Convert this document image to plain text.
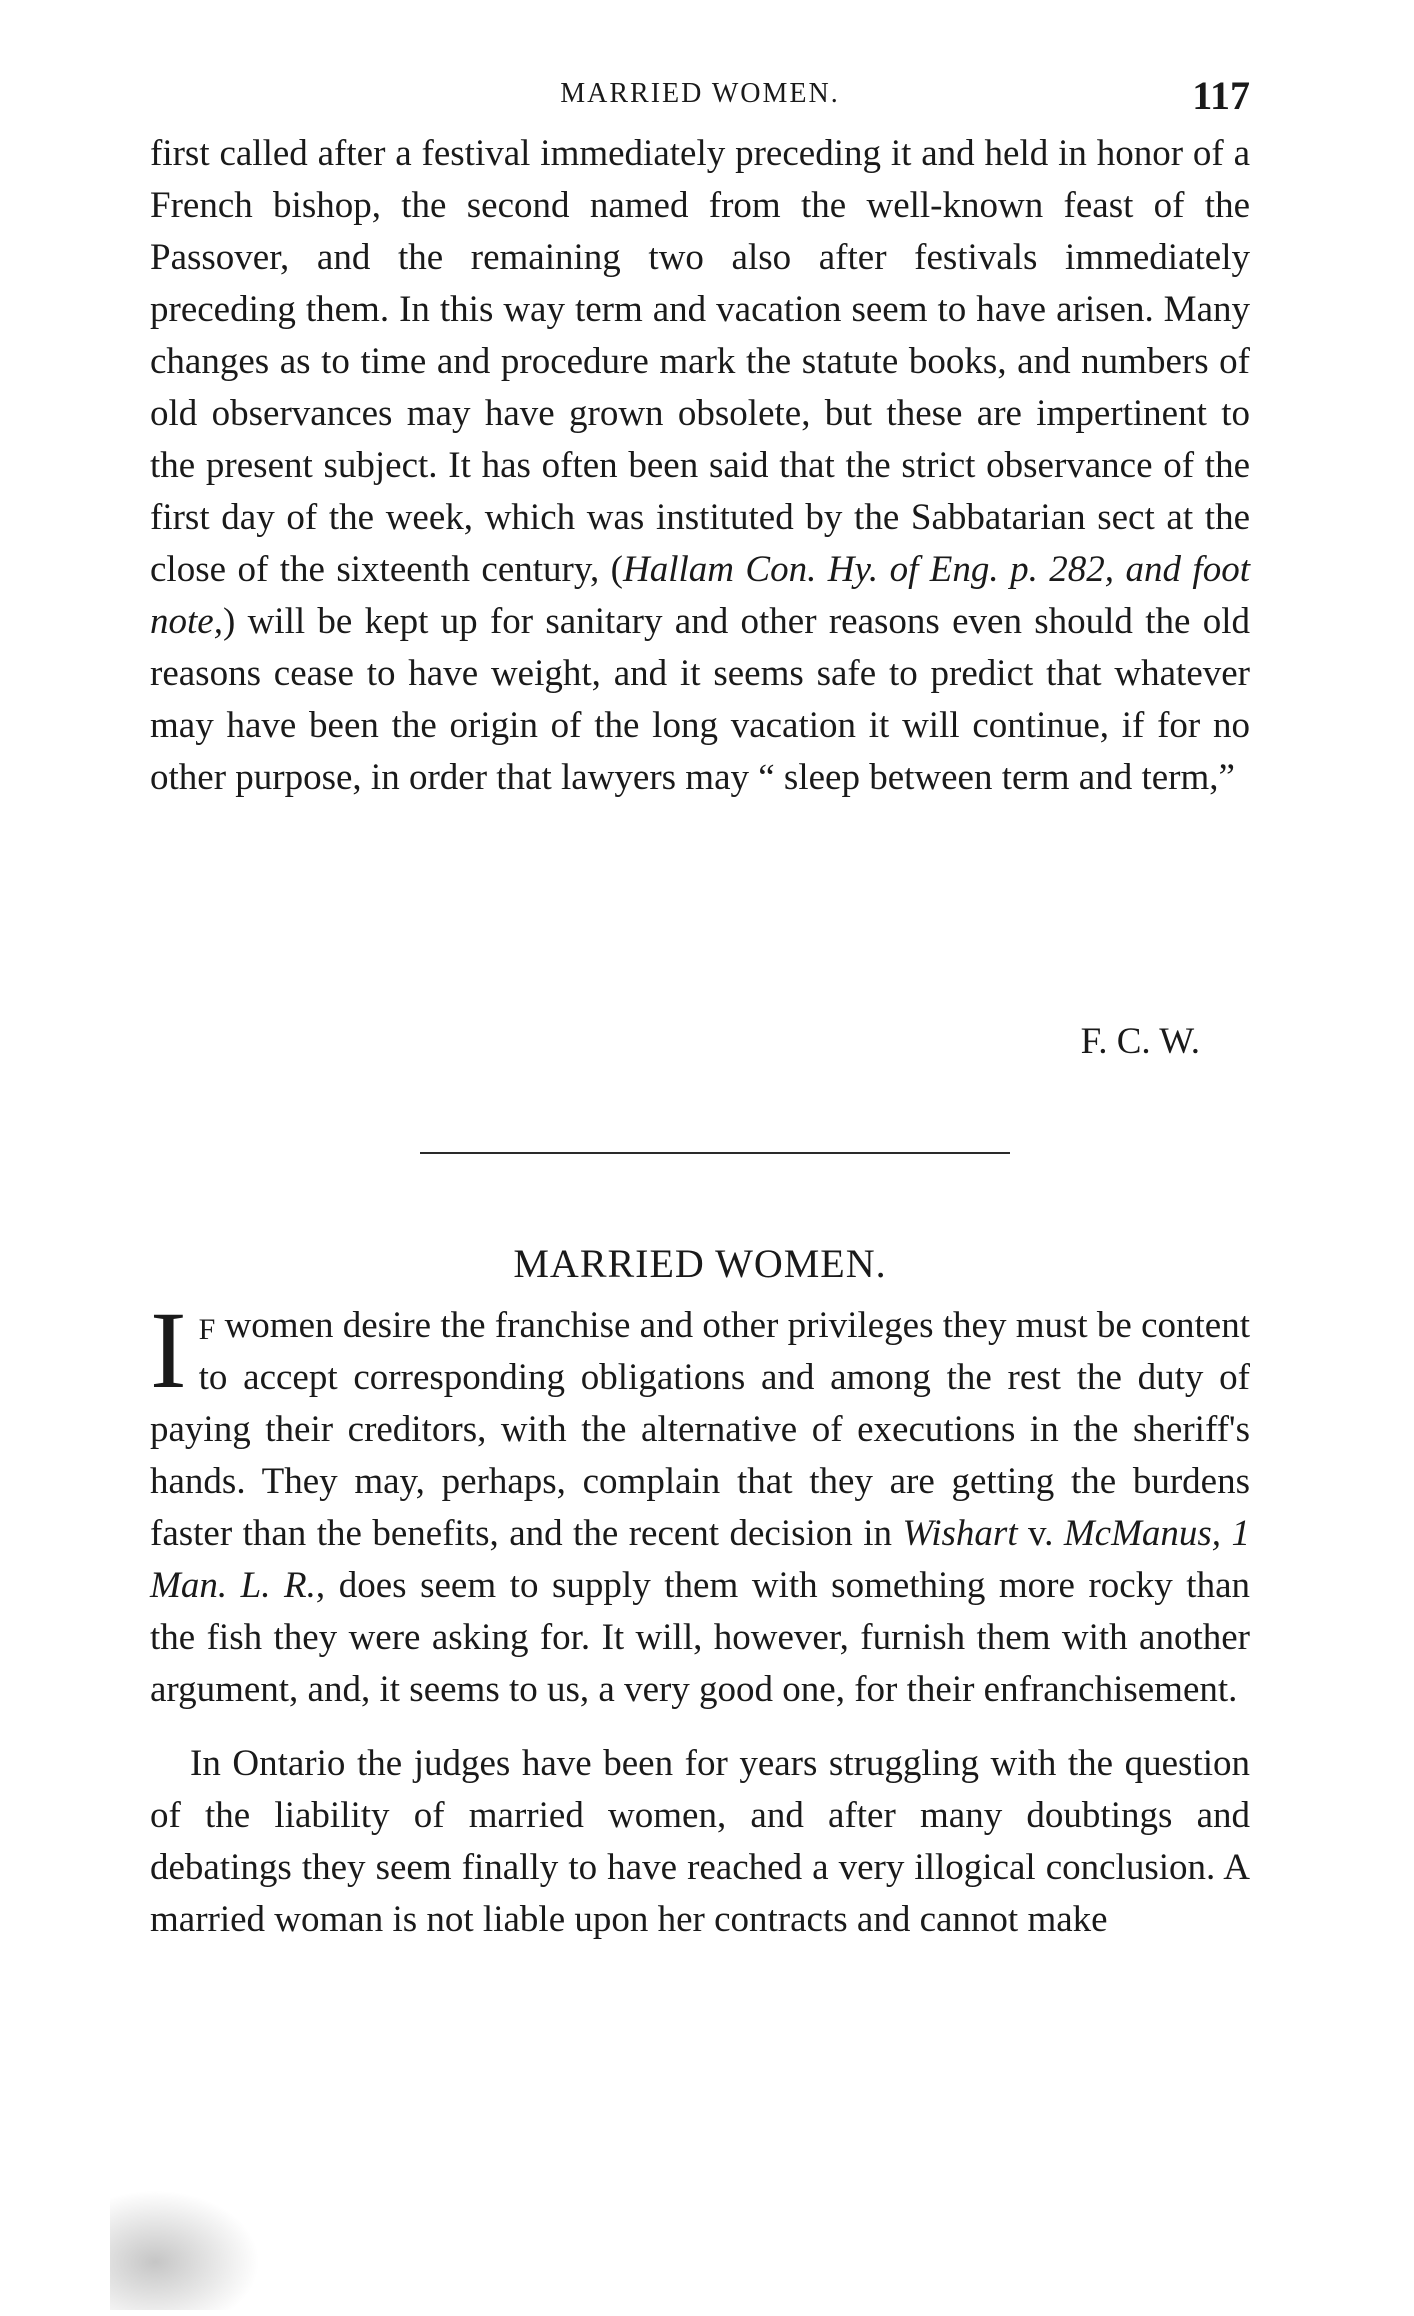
MARRIED WOMEN.	117

first called after a festival immediately preceding it and held in honor of a French bishop, the second named from the well-known feast of the Passover, and the remaining two also after festivals immediately preceding them. In this way term and vacation seem to have arisen. Many changes as to time and procedure mark the statute books, and numbers of old observances may have grown obsolete, but these are impertinent to the present subject. It has often been said that the strict observance of the first day of the week, which was instituted by the Sabbatarian sect at the close of the sixteenth century, (Hallam Con. Hy. of Eng. p. 282, and foot note,) will be kept up for sanitary and other reasons even should the old reasons cease to have weight, and it seems safe to predict that whatever may have been the origin of the long vacation it will continue, if for no other purpose, in order that lawyers may “ sleep between term and term,”

F. C. W.
MARRIED WOMEN.

I $^F$ women desire the franchise and other privileges they must be content to accept corresponding obligations and among the rest the duty of paying their creditors, with the alternative of executions in the sheriff's hands. They may, perhaps, complain that they are getting the burdens faster than the benefits, and the recent decision in Wishart v. McManus, 1 Man. L. R., does seem to supply them with something more rocky than the fish they were asking for. It will, however, furnish them with another argument, and, it seems to us, a very good one, for their enfranchisement.

In Ontario the judges have been for years struggling with the question of the liability of married women, and after many doubtings and debatings they seem finally to have reached a very illogical conclusion. A married woman is not liable upon her contracts and cannot make
